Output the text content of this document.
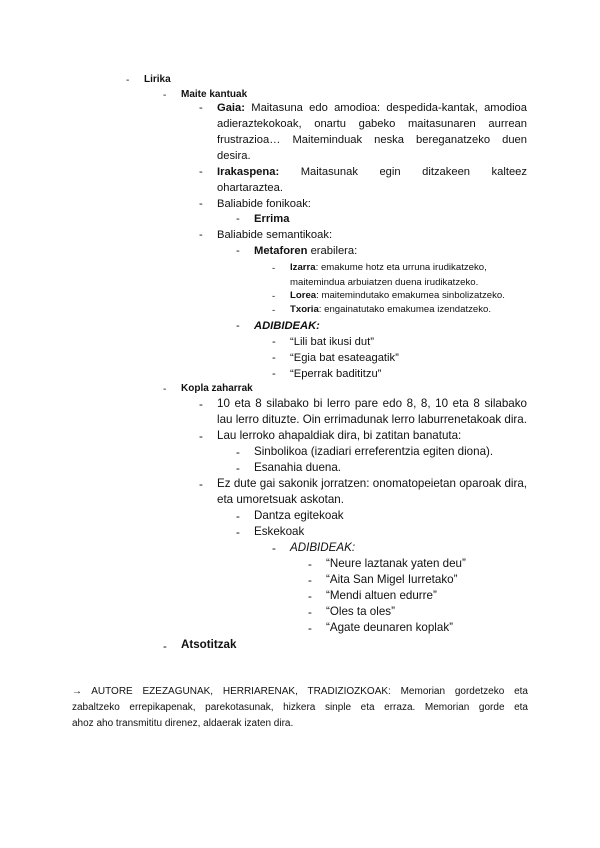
- Lirika
- Maite kantuak
- Gaia: Maitasuna edo amodioa: despedida-kantak, amodioa
adieraztekokoak, onartu gabeko maitasunaren aurrean
frustrazioa… Maiteminduak neska bereganatzeko duen
desira.
- Irakaspena: Maitasunak egin ditzakeen kalteez
ohartaraztea.
- Baliabide fonikoak:
- Errima
- Baliabide semantikoak:
- Metaforen erabilera:
- Izarra: emakume hotz eta urruna irudikatzeko,
maitemindua arbuiatzen duena irudikatzeko.
- Lorea: maitemindutako emakumea sinbolizatzeko.
- Txoria: engainatutako emakumea izendatzeko.
- ADIBIDEAK:
- “Lili bat ikusi dut”
- “Egia bat esateagatik”
- “Eperrak badititzu”
- Kopla zaharrak
- 10 eta 8 silabako bi lerro pare edo 8, 8, 10 eta 8 silabako
lau lerro dituzte. Oin errimadunak lerro laburrenetakoak dira.
- Lau lerroko ahapaldiak dira, bi zatitan banatuta:
- Sinbolikoa (izadiari erreferentzia egiten diona).
- Esanahia duena.
- Ez dute gai sakonik jorratzen: onomatopeietan oparoak dira,
eta umoretsuak askotan.
- Dantza egitekoak
- Eskekoak
- ADIBIDEAK:
- “Neure laztanak yaten deu”
- “Aita San Migel Iurretako”
- “Mendi altuen edurre”
- “Oles ta oles”
- “Agate deunaren koplak”
- Atsotitzak
→ AUTORE EZEZAGUNAK, HERRIARENAK, TRADIZIOZKOAK: Memorian gordetzeko eta
zabaltzeko errepikapenak, parekotasunak, hizkera sinple eta erraza. Memorian gorde eta
ahoz aho transmititu direnez, aldaerak izaten dira.
